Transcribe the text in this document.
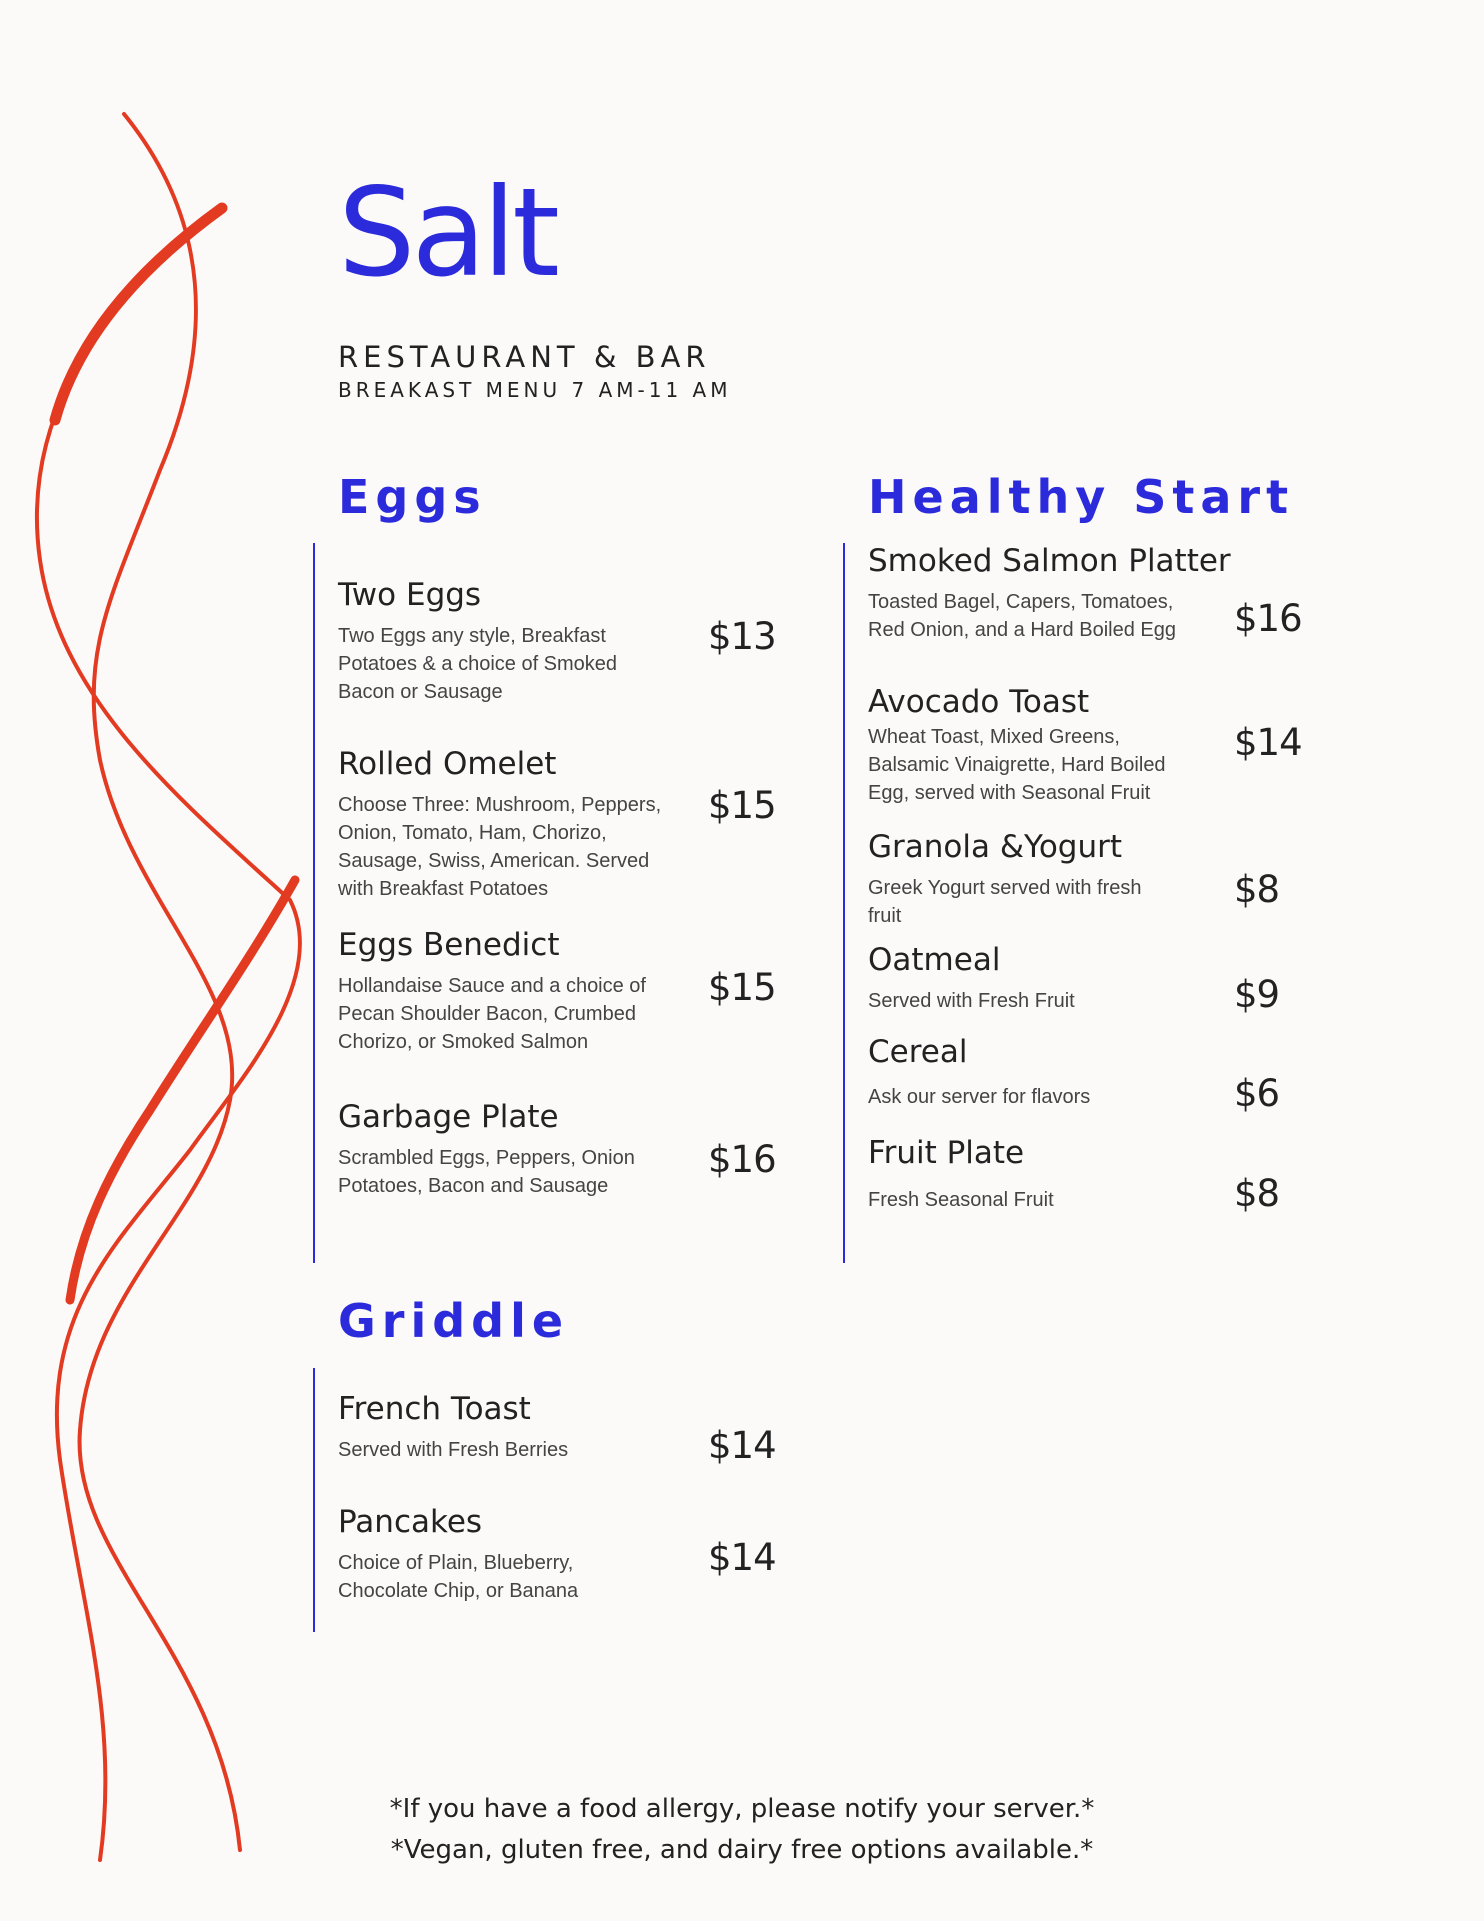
Salt
RESTAURANT & BAR
BREAKAST MENU 7 AM-11 AM
Eggs
Two Eggs
Two Eggs any style, Breakfast
Potatoes & a choice of Smoked
Bacon or Sausage
$13
Rolled Omelet
Choose Three: Mushroom, Peppers,
Onion, Tomato, Ham, Chorizo,
Sausage, Swiss, American. Served
with Breakfast Potatoes
$15
Eggs Benedict
Hollandaise Sauce and a choice of
Pecan Shoulder Bacon, Crumbed
Chorizo, or Smoked Salmon
$15
Garbage Plate
Scrambled Eggs, Peppers, Onion
Potatoes, Bacon and Sausage
$16
Griddle
French Toast
Served with Fresh Berries	$14
Pancakes
Choice of Plain, Blueberry,
Chocolate Chip, or Banana
$14
Healthy Start
Smoked Salmon Platter
Toasted Bagel, Capers, Tomatoes,
Red Onion, and a Hard Boiled Egg	$16
Avocado Toast
Wheat Toast, Mixed Greens,
Balsamic Vinaigrette, Hard Boiled
Egg, served with Seasonal Fruit
$14
Granola &Yogurt
Greek Yogurt served with fresh
fruit
$8
Oatmeal
Served with Fresh Fruit	$9
Cereal
Ask our server for flavors	$6
Fruit Plate
Fresh Seasonal Fruit	$8
*If you have a food allergy, please notify your server.*
*Vegan, gluten free, and dairy free options available.*
